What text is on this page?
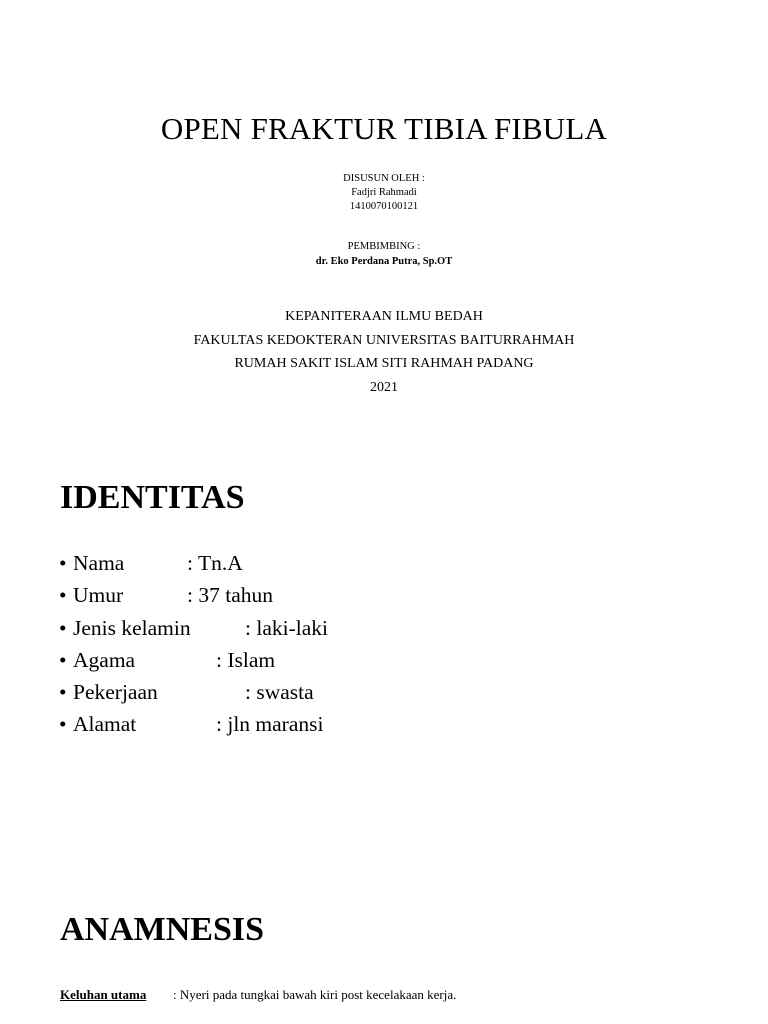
OPEN FRAKTUR TIBIA FIBULA
DISUSUN OLEH :
Fadjri Rahmadi
1410070100121
PEMBIMBING :
dr. Eko Perdana Putra, Sp.OT
KEPANITERAAN ILMU BEDAH
FAKULTAS KEDOKTERAN UNIVERSITAS BAITURRAHMAH
RUMAH SAKIT ISLAM SITI RAHMAH PADANG
2021
IDENTITAS
• Nama	: Tn.A
• Umur	: 37 tahun
• Jenis kelamin	: laki-laki
• Agama	: Islam
• Pekerjaan	: swasta
• Alamat	: jln maransi
ANAMNESIS
Keluhan utama : Nyeri pada tungkai bawah kiri post kecelakaan kerja.
